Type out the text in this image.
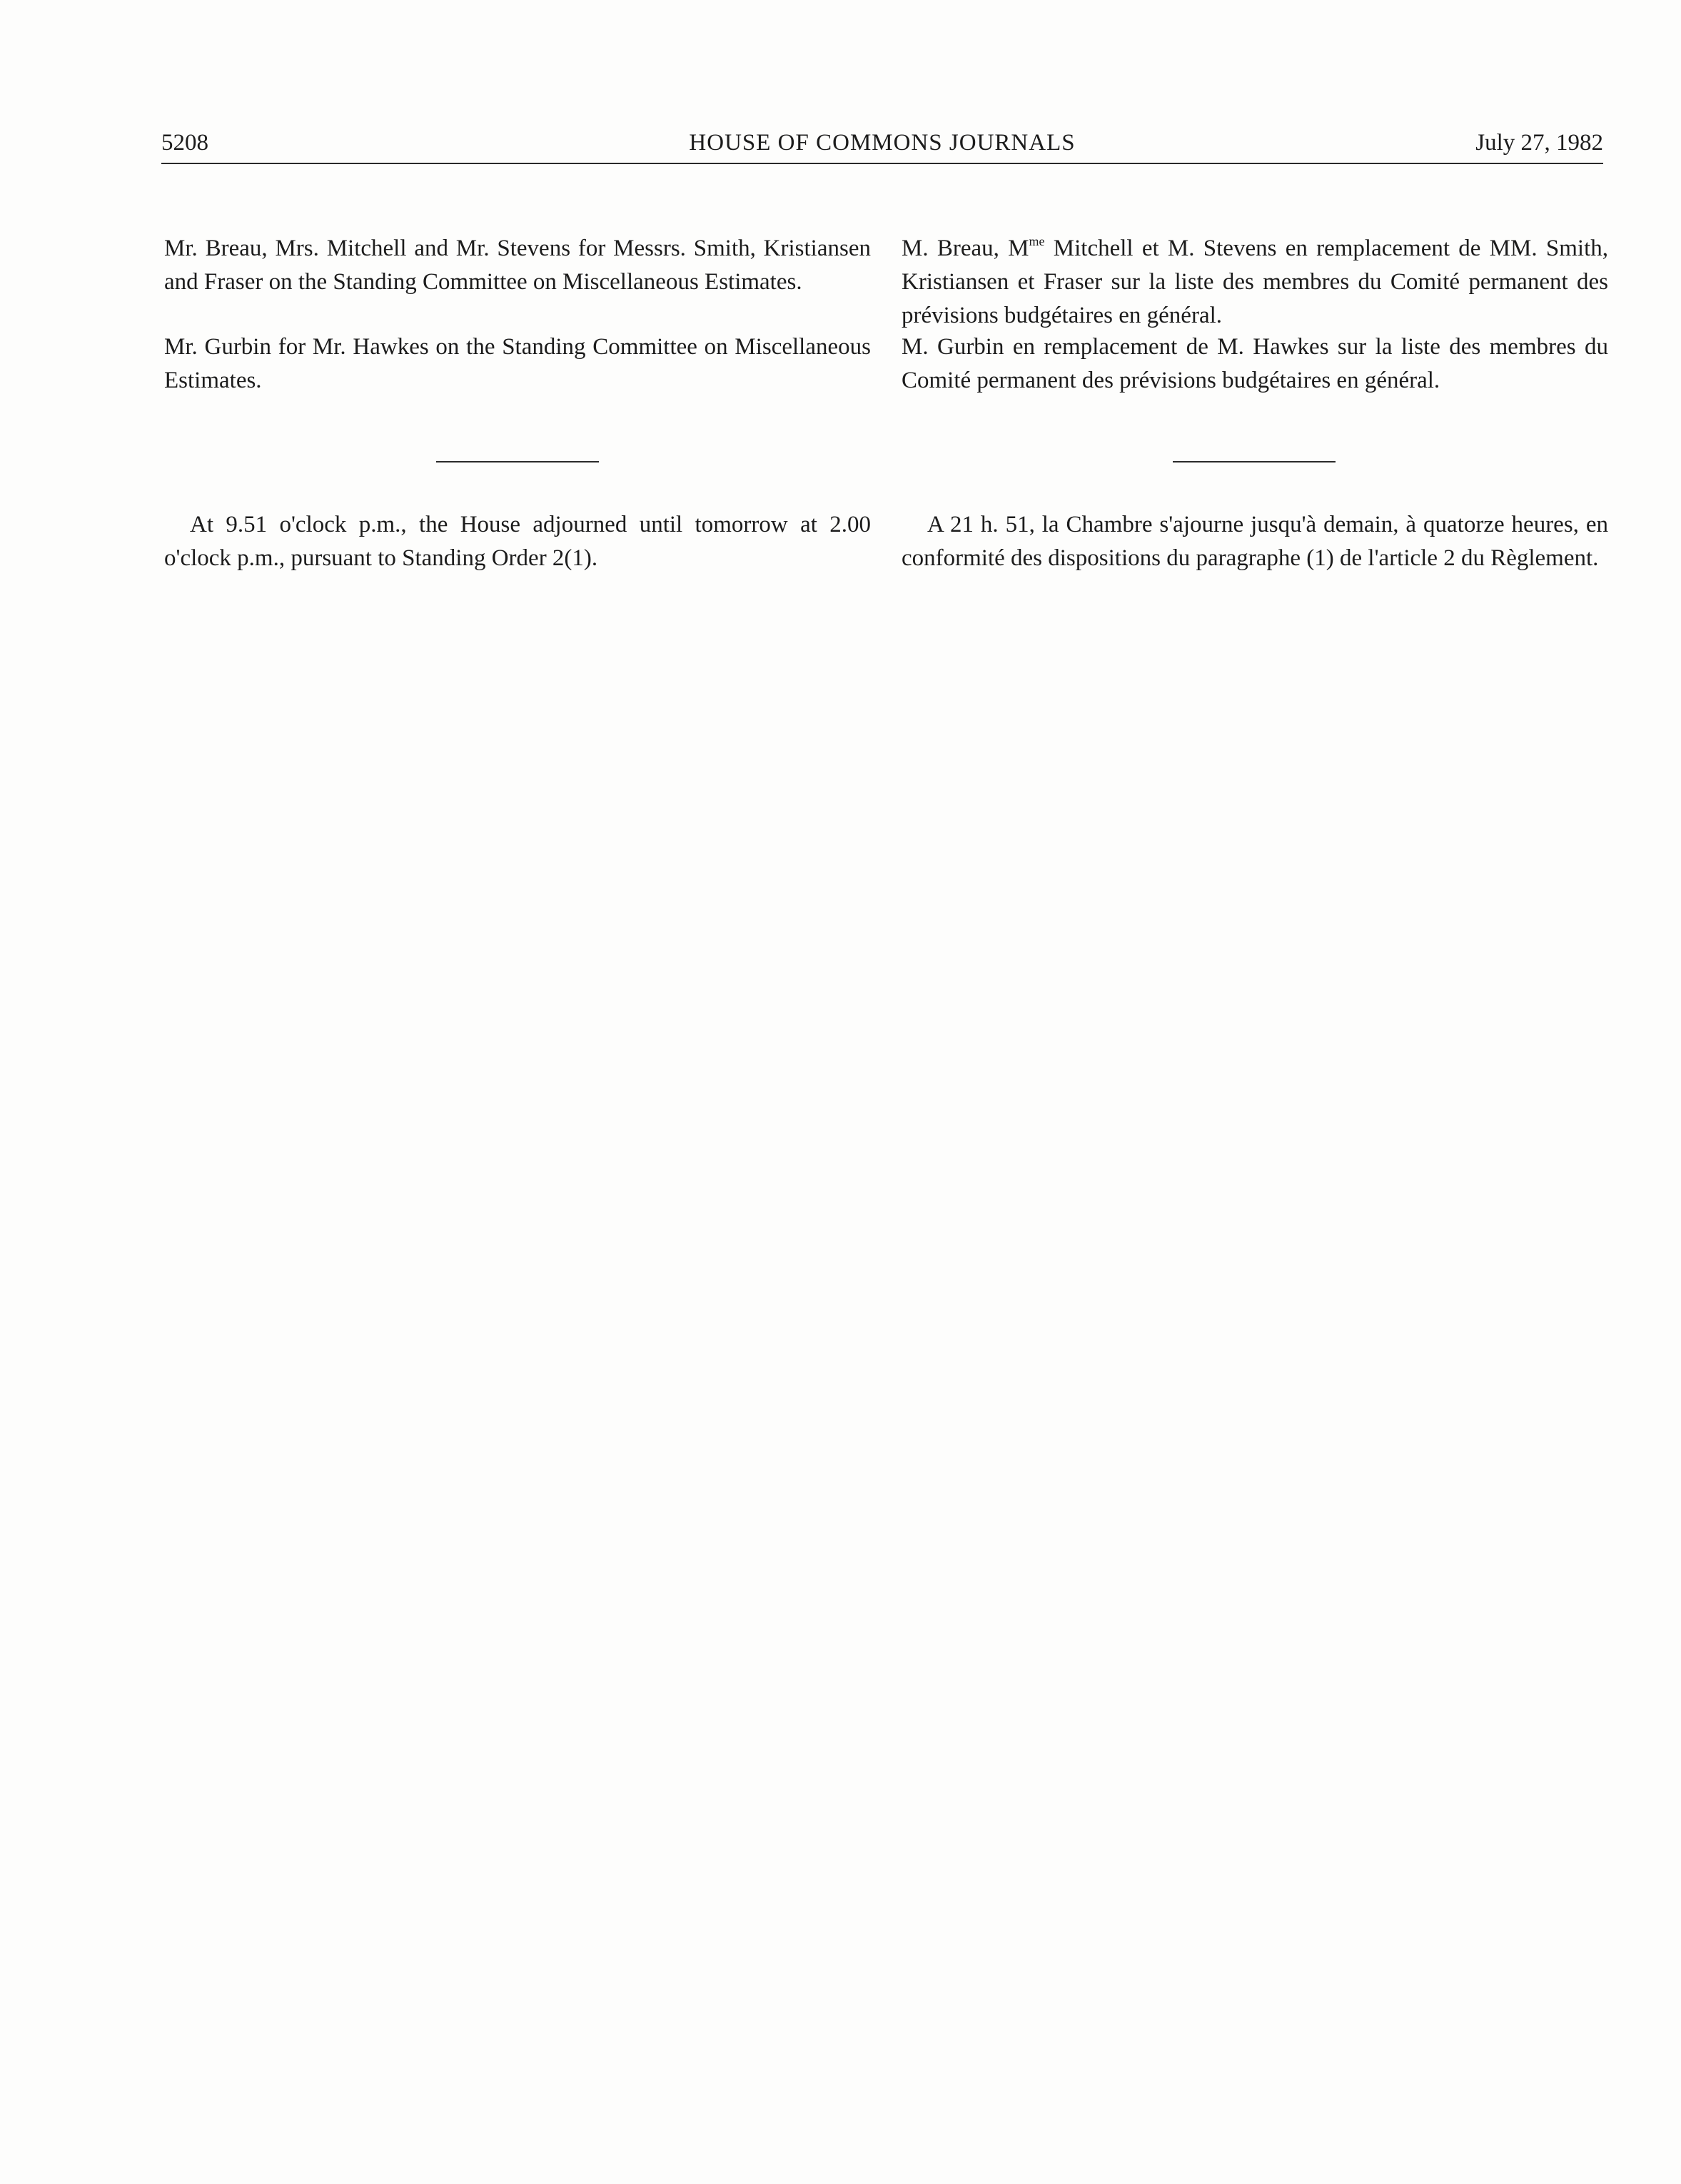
5208	HOUSE OF COMMONS JOURNALS	July 27, 1982

Mr. Breau, Mrs. Mitchell and Mr. Stevens for Messrs. Smith, Kristiansen and Fraser on the Standing Committee on Miscellaneous Estimates.

Mr. Gurbin for Mr. Hawkes on the Standing Committee on Miscellaneous Estimates.

M. Breau, $M^{me}$ Mitchell et M. Stevens en remplacement de MM. Smith, Kristiansen et Fraser sur la liste des membres du Comité permanent des prévisions budgétaires en général.

M. Gurbin en remplacement de M. Hawkes sur la liste des membres du Comité permanent des prévisions budgétaires en général.

At 9.51 o'clock p.m., the House adjourned until tomorrow at 2.00 o'clock p.m., pursuant to Standing Order 2(1).

A 21 h. 51, la Chambre s'ajourne jusqu'à demain, à quatorze heures, en conformité des dispositions du paragraphe (1) de l'article 2 du Règlement.
